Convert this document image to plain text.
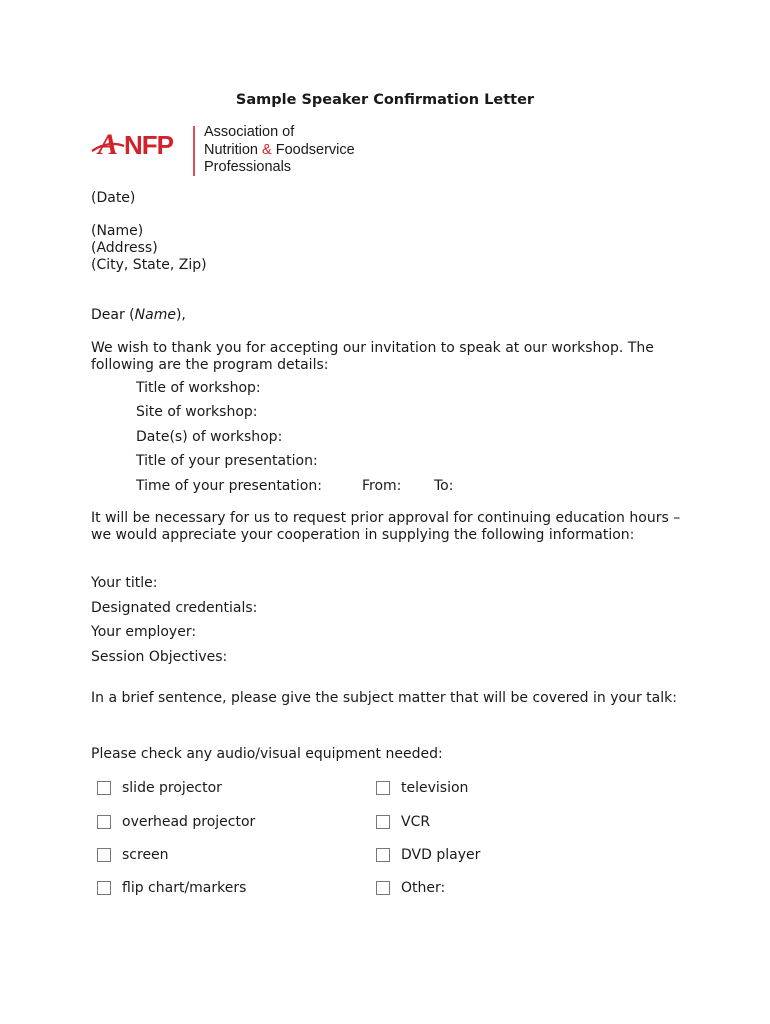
Sample Speaker Confirmation Letter
A NFP Association of
Nutrition & Foodservice
Professionals
(Date)
(Name)
(Address)
(City, State, Zip)
Dear (Name),
We wish to thank you for accepting our invitation to speak at our workshop. The following are the program details:
Title of workshop:
Site of workshop:
Date(s) of workshop:
Title of your presentation:
Time of your presentation:	From: To:
It will be necessary for us to request prior approval for continuing education hours – we would appreciate your cooperation in supplying the following information:
Your title:
Designated credentials:
Your employer:
Session Objectives:
In a brief sentence, please give the subject matter that will be covered in your talk:
Please check any audio/visual equipment needed:
slide projector
overhead projector
screen
flip chart/markers
television
VCR
DVD player
Other:
